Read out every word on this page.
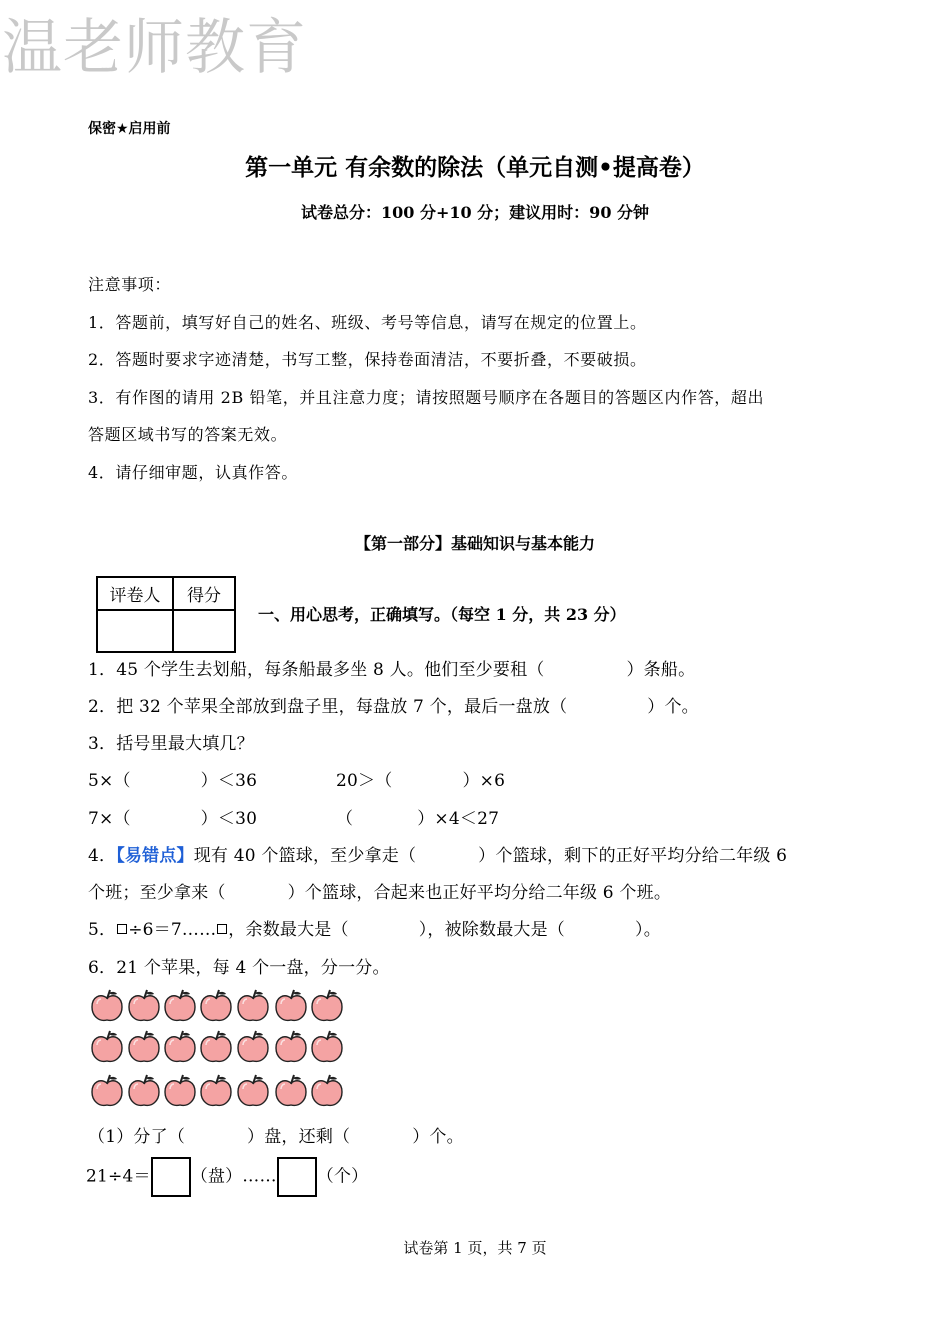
温老师教育
保密★启用前
第一单元 有余数的除法（单元自测•提高卷）
试卷总分：100 分+10 分；建议用时：90 分钟
注意事项：
1．答题前，填写好自己的姓名、班级、考号等信息，请写在规定的位置上。
2．答题时要求字迹清楚，书写工整，保持卷面清洁，不要折叠，不要破损。
3．有作图的请用 2B 铅笔，并且注意力度；请按照题号顺序在各题目的答题区内作答，超出
答题区域书写的答案无效。
4．请仔细审题，认真作答。
【第一部分】基础知识与基本能力
评卷人	得分

一、用心思考，正确填写。（每空 1 分，共 23 分）
1．45 个学生去划船，每条船最多坐 8 人。他们至少要租（	）条船。
2．把 32 个苹果全部放到盘子里，每盘放 7 个，最后一盘放（	）个。
3．括号里最大填几？
5×（	）＜36	20＞（	）×6
7×（	）＜30	（	）×4＜27
4．【易错点】现有 40 个篮球，至少拿走（	）个篮球，剩下的正好平均分给二年级 6
个班；至少拿来（	）个篮球，合起来也正好平均分给二年级 6 个班。
5． ÷6＝7…… ，余数最大是（	），被除数最大是（	）。
6．21 个苹果，每 4 个一盘，分一分。
（1）分了（	）盘，还剩（	）个。
21÷4＝ （盘）…… （个）
试卷第 1 页，共 7 页
